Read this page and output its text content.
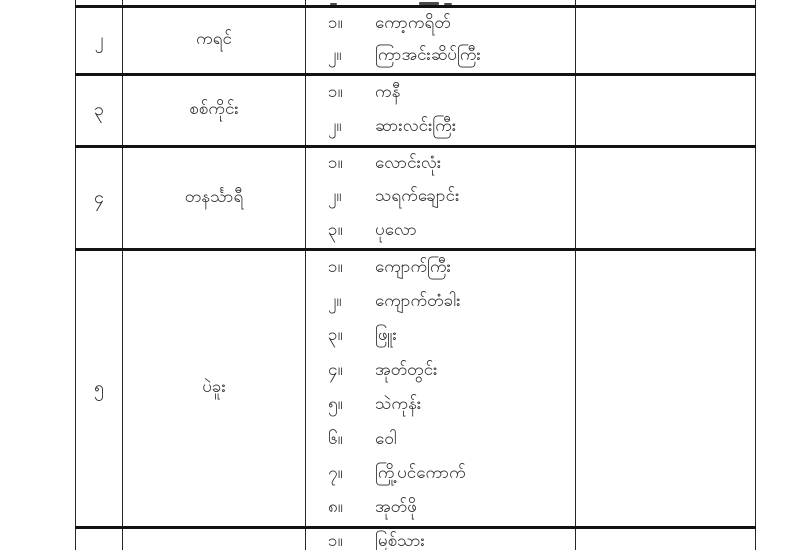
၂	ကရင်
၁။	ကော့ကရိတ်
၂။	ကြာအင်းဆိပ်ကြီး
၃	စစ်ကိုင်း
၁။	ကနီ
၂။	ဆားလင်းကြီး
၄	တနင်္သာရီ
၁။	လောင်းလုံး
၂။	သရက်ချောင်း
၃။	ပုလော
၅	ပဲခူး
၁။	ကျောက်ကြီး
၂။	ကျောက်တံခါး
၃။	ဖြူး
၄။	အုတ်တွင်း
၅။	သဲကုန်း
၆။	ဝေါ
၇။	ကြို့ပင်ကောက်
၈။	အုတ်ဖို
၁။	မြစ်သား
